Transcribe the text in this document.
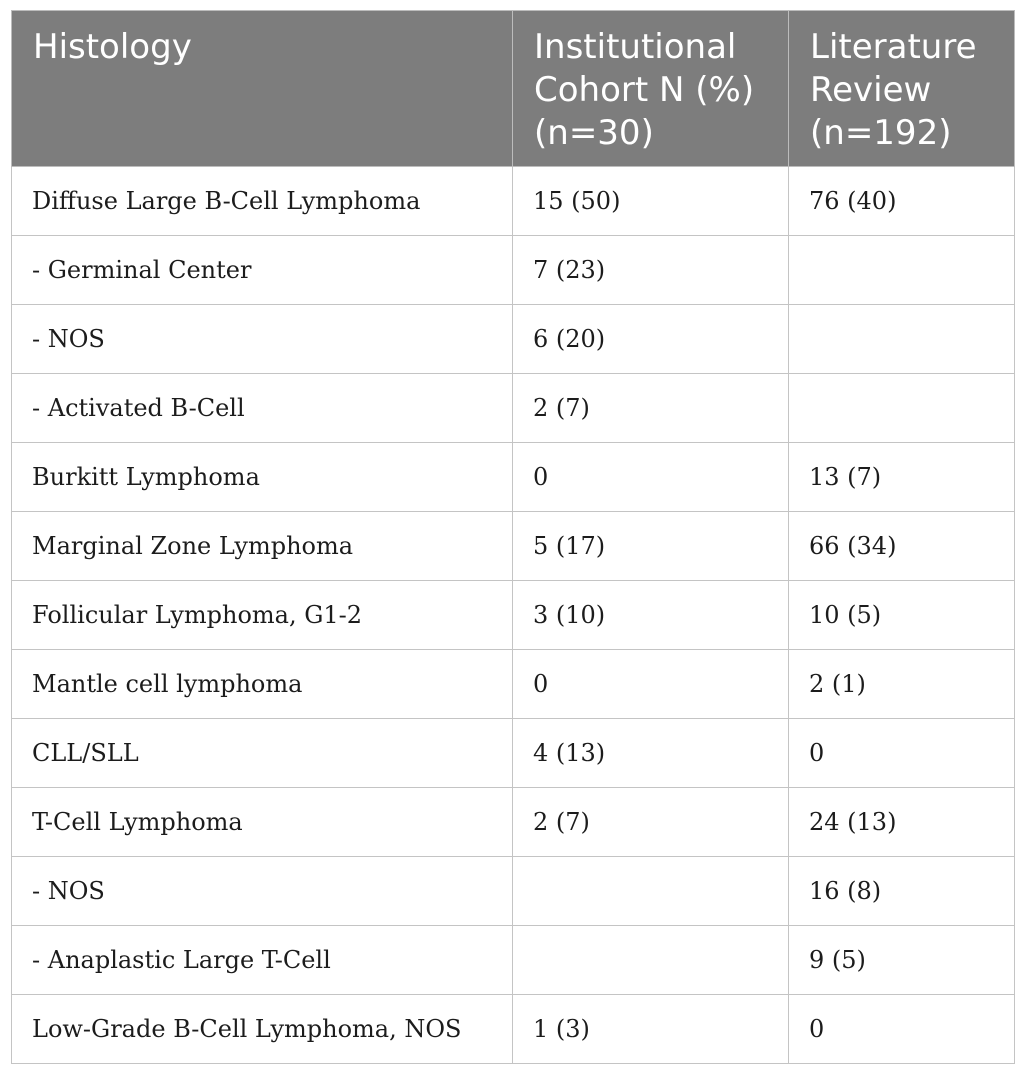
Histology	Institutional Cohort N (%) (n=30)	Literature Review (n=192)
Diffuse Large B-Cell Lymphoma	15 (50)	76 (40)
- Germinal Center	7 (23)	
- NOS	6 (20)	
- Activated B-Cell	2 (7)	
Burkitt Lymphoma	0	13 (7)
Marginal Zone Lymphoma	5 (17)	66 (34)
Follicular Lymphoma, G1-2	3 (10)	10 (5)
Mantle cell lymphoma	0	2 (1)
CLL/SLL	4 (13)	0
T-Cell Lymphoma	2 (7)	24 (13)
- NOS		16 (8)
- Anaplastic Large T-Cell		9 (5)
Low-Grade B-Cell Lymphoma, NOS	1 (3)	0
